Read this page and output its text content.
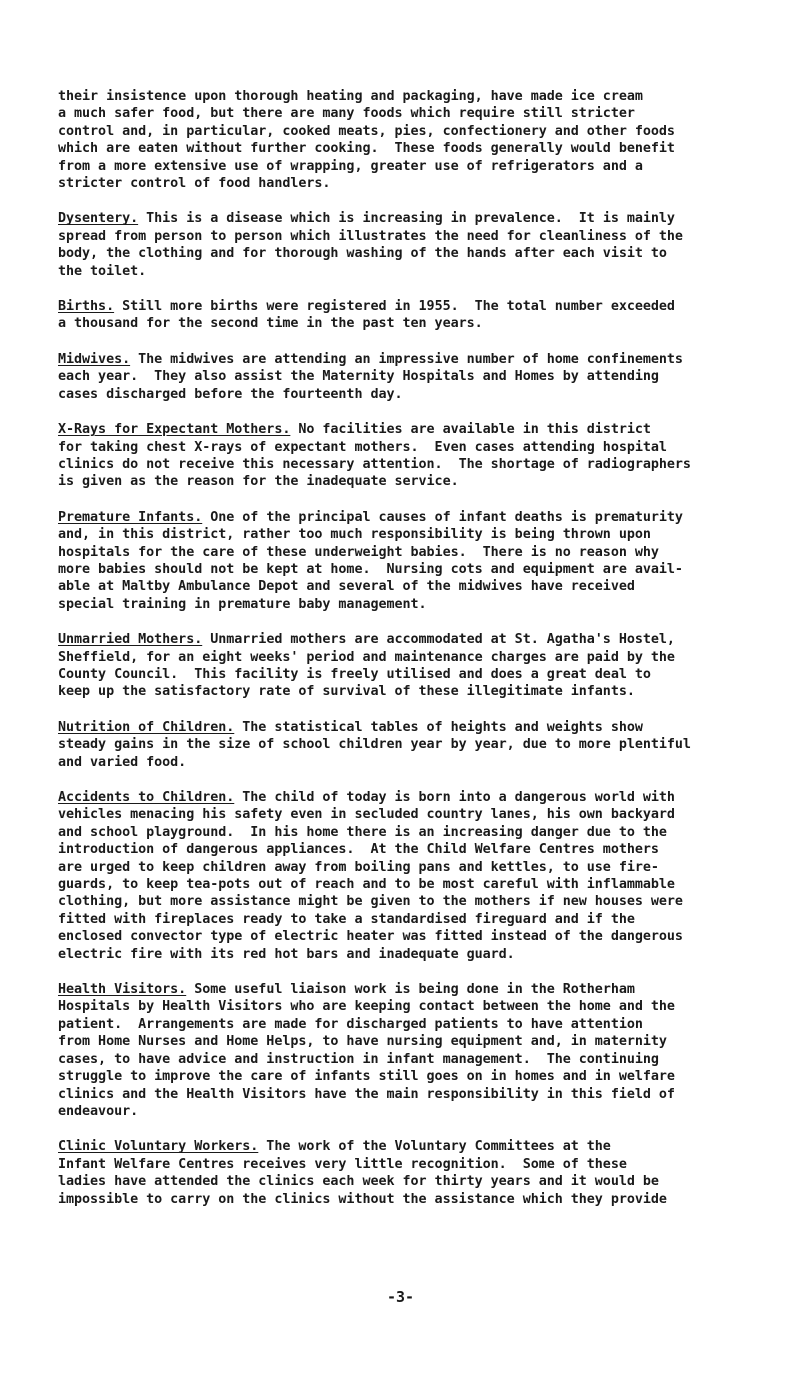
their insistence upon thorough heating and packaging, have made ice cream
a much safer food, but there are many foods which require still stricter
control and, in particular, cooked meats, pies, confectionery and other foods
which are eaten without further cooking.  These foods generally would benefit
from a more extensive use of wrapping, greater use of refrigerators and a
stricter control of food handlers.
Dysentery. This is a disease which is increasing in prevalence.  It is mainly
spread from person to person which illustrates the need for cleanliness of the
body, the clothing and for thorough washing of the hands after each visit to
the toilet.
Births. Still more births were registered in 1955.  The total number exceeded
a thousand for the second time in the past ten years.
Midwives. The midwives are attending an impressive number of home confinements
each year.  They also assist the Maternity Hospitals and Homes by attending
cases discharged before the fourteenth day.
X-Rays for Expectant Mothers. No facilities are available in this district
for taking chest X-rays of expectant mothers.  Even cases attending hospital
clinics do not receive this necessary attention.  The shortage of radiographers
is given as the reason for the inadequate service.
Premature Infants. One of the principal causes of infant deaths is prematurity
and, in this district, rather too much responsibility is being thrown upon
hospitals for the care of these underweight babies.  There is no reason why
more babies should not be kept at home.  Nursing cots and equipment are avail-
able at Maltby Ambulance Depot and several of the midwives have received
special training in premature baby management.
Unmarried Mothers. Unmarried mothers are accommodated at St. Agatha's Hostel,
Sheffield, for an eight weeks' period and maintenance charges are paid by the
County Council.  This facility is freely utilised and does a great deal to
keep up the satisfactory rate of survival of these illegitimate infants.
Nutrition of Children. The statistical tables of heights and weights show
steady gains in the size of school children year by year, due to more plentiful
and varied food.
Accidents to Children. The child of today is born into a dangerous world with
vehicles menacing his safety even in secluded country lanes, his own backyard
and school playground.  In his home there is an increasing danger due to the
introduction of dangerous appliances.  At the Child Welfare Centres mothers
are urged to keep children away from boiling pans and kettles, to use fire-
guards, to keep tea-pots out of reach and to be most careful with inflammable
clothing, but more assistance might be given to the mothers if new houses were
fitted with fireplaces ready to take a standardised fireguard and if the
enclosed convector type of electric heater was fitted instead of the dangerous
electric fire with its red hot bars and inadequate guard.
Health Visitors. Some useful liaison work is being done in the Rotherham
Hospitals by Health Visitors who are keeping contact between the home and the
patient.  Arrangements are made for discharged patients to have attention
from Home Nurses and Home Helps, to have nursing equipment and, in maternity
cases, to have advice and instruction in infant management.  The continuing
struggle to improve the care of infants still goes on in homes and in welfare
clinics and the Health Visitors have the main responsibility in this field of
endeavour.
Clinic Voluntary Workers. The work of the Voluntary Committees at the
Infant Welfare Centres receives very little recognition.  Some of these
ladies have attended the clinics each week for thirty years and it would be
impossible to carry on the clinics without the assistance which they provide
-3-
